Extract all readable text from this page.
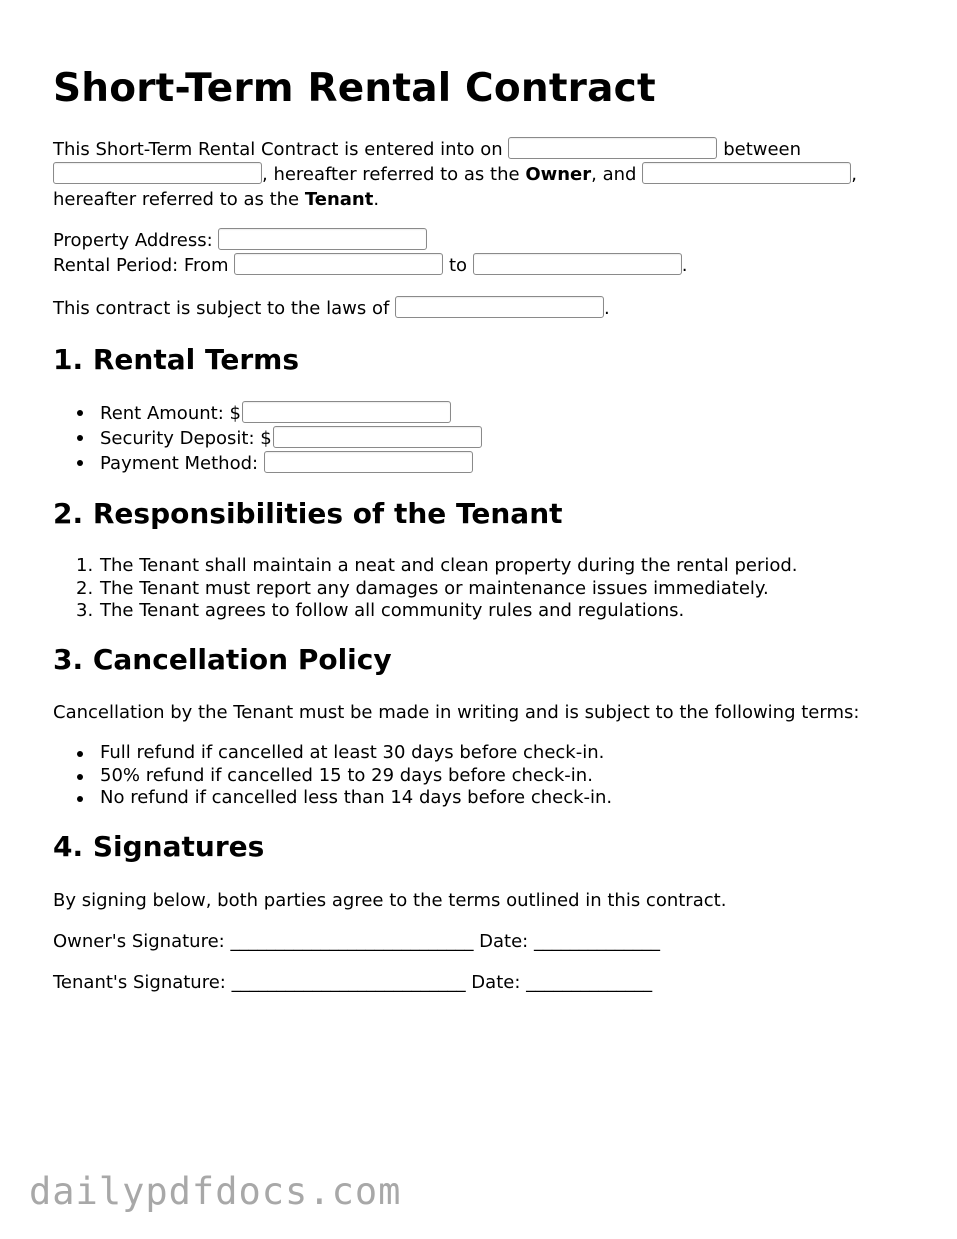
Short-Term Rental Contract
This Short-Term Rental Contract is entered into on	between
, hereafter referred to as the Owner, and	,
hereafter referred to as the Tenant.
Property Address:
Rental Period: From	to	.
This contract is subject to the laws of	.
1. Rental Terms
Rent Amount: $
Security Deposit: $
Payment Method:
2. Responsibilities of the Tenant
1. The Tenant shall maintain a neat and clean property during the rental period.
2. The Tenant must report any damages or maintenance issues immediately.
3. The Tenant agrees to follow all community rules and regulations.
3. Cancellation Policy
Cancellation by the Tenant must be made in writing and is subject to the following terms:
Full refund if cancelled at least 30 days before check-in.
50% refund if cancelled 15 to 29 days before check-in.
No refund if cancelled less than 14 days before check-in.
4. Signatures
By signing below, both parties agree to the terms outlined in this contract.
Owner's Signature: ___________________________ Date: ______________
Tenant's Signature: __________________________ Date: ______________
dailypdfdocs.com
